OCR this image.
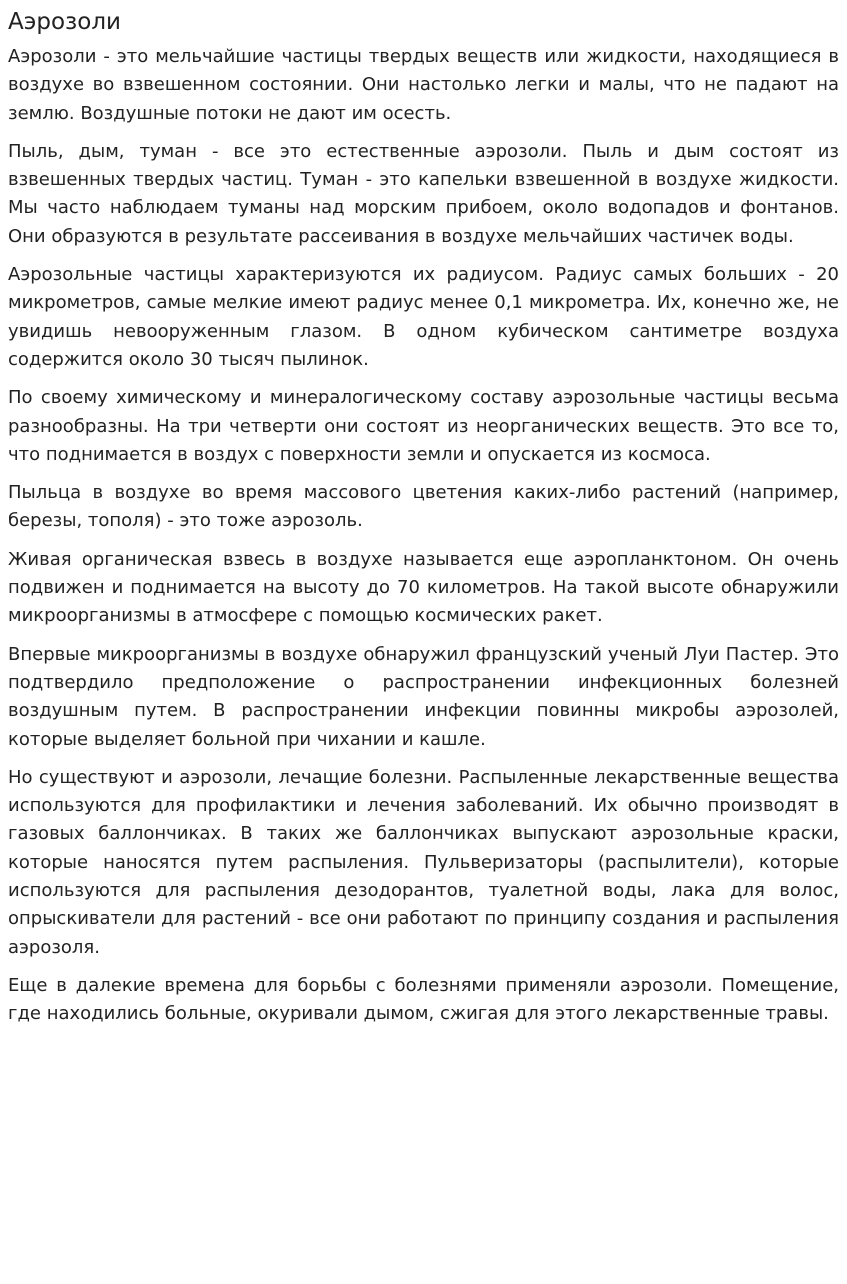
Аэрозоли

Аэрозоли - это мельчайшие частицы твердых веществ или жидкости, находящиеся в воздухе во взвешенном состоянии. Они настолько легки и малы, что не падают на землю. Воздушные потоки не дают им осесть.

Пыль, дым, туман - все это естественные аэрозоли. Пыль и дым состоят из взвешенных твердых частиц. Туман - это капельки взвешенной в воздухе жидкости. Мы часто наблюдаем туманы над морским прибоем, около водопадов и фонтанов. Они образуются в результате рассеивания в воздухе мельчайших частичек воды.

Аэрозольные частицы характеризуются их радиусом. Радиус самых больших - 20 микрометров, самые мелкие имеют радиус менее 0,1 микрометра. Их, конечно же, не увидишь невооруженным глазом. В одном кубическом сантиметре воздуха содержится около 30 тысяч пылинок.

По своему химическому и минералогическому составу аэрозольные частицы весьма разнообразны. На три четверти они состоят из неорганических веществ. Это все то, что поднимается в воздух с поверхности земли и опускается из космоса.

Пыльца в воздухе во время массового цветения каких-либо растений (например, березы, тополя) - это тоже аэрозоль.

Живая органическая взвесь в воздухе называется еще аэропланктоном. Он очень подвижен и поднимается на высоту до 70 километров. На такой высоте обнаружили микроорганизмы в атмосфере с помощью космических ракет.

Впервые микроорганизмы в воздухе обнаружил французский ученый Луи Пастер. Это подтвердило предположение о распространении инфекционных болезней воздушным путем. В распространении инфекции повинны микробы аэрозолей, которые выделяет больной при чихании и кашле.

Но существуют и аэрозоли, лечащие болезни. Распыленные лекарственные вещества используются для профилактики и лечения заболеваний. Их обычно производят в газовых баллончиках. В таких же баллончиках выпускают аэрозольные краски, которые наносятся путем распыления. Пульверизаторы (распылители), которые используются для распыления дезодорантов, туалетной воды, лака для волос, опрыскиватели для растений - все они работают по принципу создания и распыления аэрозоля.

Еще в далекие времена для борьбы с болезнями применяли аэрозоли. Помещение, где находились больные, окуривали дымом, сжигая для этого лекарственные травы.
